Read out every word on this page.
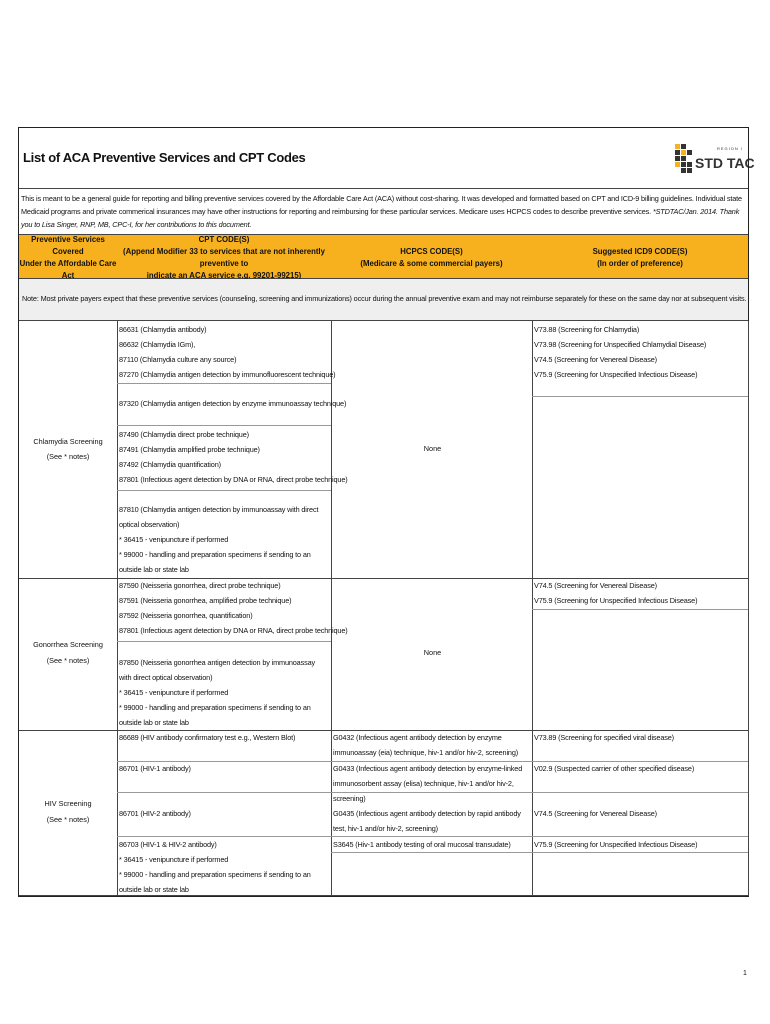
REGION I
STD TAC
List of ACA Preventive Services and CPT Codes
This is meant to be a general guide for reporting and billing preventive services covered by the Affordable Care Act (ACA) without cost-sharing. It was developed and formatted based on CPT and ICD-9 billing guidelines. Individual state Medicaid programs and private commerical insurances may have other instructions for reporting and reimbursing for these particular services. Medicare uses HCPCS codes to describe preventive services. *STDTAC/Jan. 2014. Thank you to Lisa Singer, RNP, MB, CPC-I, for her contributions to this document.
Preventive Services Covered
Under the Affordable Care Act
CPT CODE(S)
(Append Modifier 33 to services that are not inherently preventive to
indicate an ACA service e.g. 99201-99215)
HCPCS CODE(S)
(Medicare & some commercial payers)
Suggested ICD9 CODE(S)
(In order of preference)
Note: Most private payers expect that these preventive services (counseling, screening and immunizations) occur during the annual preventive exam and may not reimburse separately for these on the same day nor at subsequent visits.
Chlamydia Screening
(See * notes)
None
86631 (Chlamydia antibody)
86632 (Chlamydia IGm),
87110 (Chlamydia culture any source)
87270 (Chlamydia antigen detection by immunofluorescent technique)
87320 (Chlamydia antigen detection by enzyme immunoassay technique)
87490 (Chlamydia direct probe technique)
87491 (Chlamydia amplified probe technique)
87492 (Chlamydia quantification)
87801 (Infectious agent detection by DNA or RNA, direct probe technique)
87810 (Chlamydia antigen detection by immunoassay with direct optical observation)
* 36415 - venipuncture if performed
* 99000 - handling and preparation specimens if sending to an outside lab or state lab
V73.88 (Screening for Chlamydia)
V73.98 (Screening for Unspecified Chlamydial Disease)
V74.5 (Screening for Venereal Disease)
V75.9 (Screening for Unspecified Infectious Disease)
Gonorrhea Screening
(See * notes)
None
87590 (Neisseria gonorrhea, direct probe technique)
87591 (Neisseria gonorrhea, amplified probe technique)
87592 (Neisseria gonorrhea, quantification)
87801 (Infectious agent detection by DNA or RNA, direct probe technique)
87850 (Neisseria gonorrhea antigen detection by immunoassay with direct optical observation)
* 36415 - venipuncture if performed
* 99000 - handling and preparation specimens if sending to an outside lab or state lab
V74.5 (Screening for Venereal Disease)
V75.9 (Screening for Unspecified Infectious Disease)
HIV Screening
(See * notes)
86689 (HIV antibody confirmatory test e.g., Western Blot)
86701 (HIV-1 antibody)
86701 (HIV-2 antibody)
86703 (HIV-1 & HIV-2 antibody)
* 36415 - venipuncture if performed
* 99000 - handling and preparation specimens if sending to an outside lab or state lab
G0432 (Infectious agent antibody detection by enzyme immunoassay (eia) technique, hiv-1 and/or hiv-2, screening)
G0433 (Infectious agent antibody detection by enzyme-linked immunosorbent assay (elisa) technique, hiv-1 and/or hiv-2, screening)
G0435 (Infectious agent antibody detection by rapid antibody test, hiv-1 and/or hiv-2, screening)
S3645 (Hiv-1 antibody testing of oral mucosal transudate)
V73.89 (Screening for specified viral disease)
V02.9 (Suspected carrier of other specified disease)
V74.5 (Screening for Venereal Disease)
V75.9 (Screening for Unspecified Infectious Disease)
1
